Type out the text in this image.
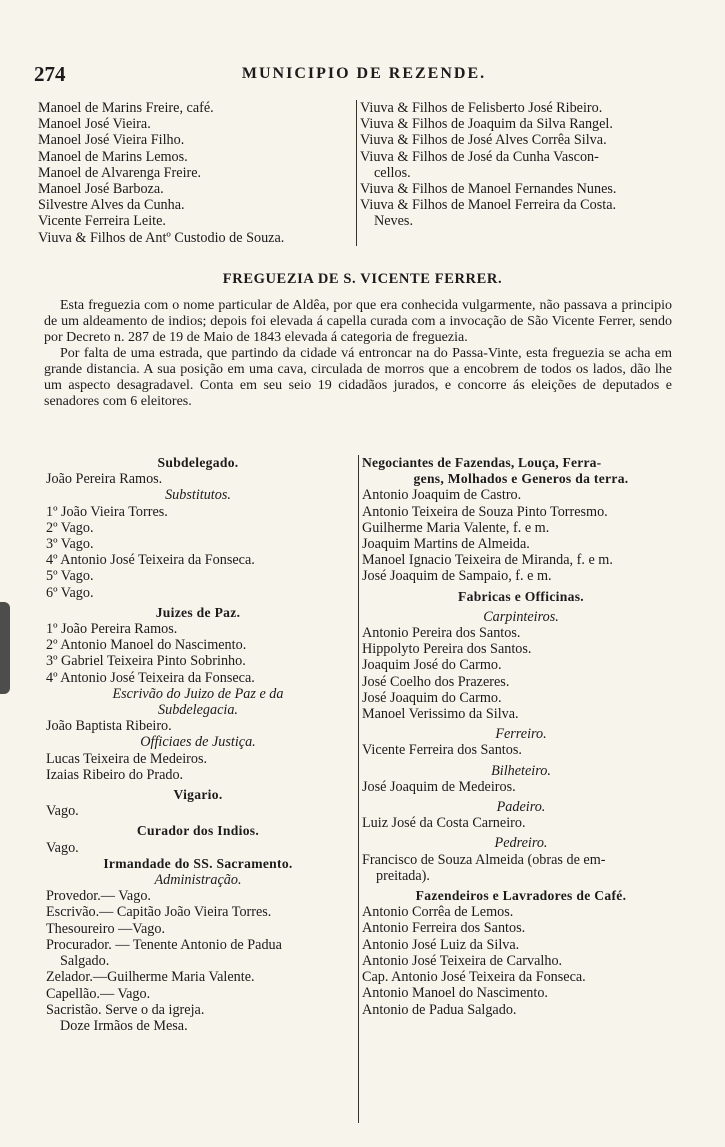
274	MUNICIPIO DE REZENDE.
Manoel de Marins Freire, café.
Manoel José Vieira.
Manoel José Vieira Filho.
Manoel de Marins Lemos.
Manoel de Alvarenga Freire.
Manoel José Barboza.
Silvestre Alves da Cunha.
Vicente Ferreira Leite.
Viuva & Filhos de Antº Custodio de Souza.
Viuva & Filhos de Felisberto José Ribeiro.
Viuva & Filhos de Joaquim da Silva Rangel.
Viuva & Filhos de José Alves Corrêa Silva.
Viuva & Filhos de José da Cunha Vascon-
cellos.
Viuva & Filhos de Manoel Fernandes Nunes.
Viuva & Filhos de Manoel Ferreira da Costa.
Neves.
FREGUEZIA DE S. VICENTE FERRER.

Esta freguezia com o nome particular de Aldêa, por que era conhecida vulgarmente, não passava a principio de um aldeamento de indios; depois foi elevada á capella curada com a invocação de São Vicente Ferrer, sendo por Decreto n. 287 de 19 de Maio de 1843 elevada á categoria de freguezia.

Por falta de uma estrada, que partindo da cidade vá entroncar na do Passa-Vinte, esta freguezia se acha em grande distancia. A sua posição em uma cava, circulada de morros que a encobrem de todos os lados, dão lhe um aspecto desagradavel. Conta em seu seio 19 cidadãos jurados, e concorre ás eleições de deputados e senadores com 6 eleitores.

Subdelegado.
João Pereira Ramos.
Substitutos.
1º João Vieira Torres.
2º Vago.
3º Vago.
4º Antonio José Teixeira da Fonseca.
5º Vago.
6º Vago.
Juizes de Paz.
1º João Pereira Ramos.
2º Antonio Manoel do Nascimento.
3º Gabriel Teixeira Pinto Sobrinho.
4º Antonio José Teixeira da Fonseca.
Escrivão do Juizo de Paz e da
Subdelegacia.
João Baptista Ribeiro.
Officiaes de Justiça.
Lucas Teixeira de Medeiros.
Izaias Ribeiro do Prado.
Vigario.
Vago.
Curador dos Indios.
Vago.
Irmandade do SS. Sacramento.
Administração.
Provedor.— Vago.
Escrivão.— Capitão João Vieira Torres.
Thesoureiro —Vago.
Procurador. — Tenente Antonio de Padua
Salgado.
Zelador.—Guilherme Maria Valente.
Capellão.— Vago.
Sacristão. Serve o da igreja.
Doze Irmãos de Mesa.
Negociantes de Fazendas, Louça, Ferra-
gens, Molhados e Generos da terra.
Antonio Joaquim de Castro.
Antonio Teixeira de Souza Pinto Torresmo.
Guilherme Maria Valente, f. e m.
Joaquim Martins de Almeida.
Manoel Ignacio Teixeira de Miranda, f. e m.
José Joaquim de Sampaio, f. e m.
Fabricas e Officinas.
Carpinteiros.
Antonio Pereira dos Santos.
Hippolyto Pereira dos Santos.
Joaquim José do Carmo.
José Coelho dos Prazeres.
José Joaquim do Carmo.
Manoel Verissimo da Silva.
Ferreiro.
Vicente Ferreira dos Santos.
Bilheteiro.
José Joaquim de Medeiros.
Padeiro.
Luiz José da Costa Carneiro.
Pedreiro.
Francisco de Souza Almeida (obras de em-
preitada).
Fazendeiros e Lavradores de Café.
Antonio Corrêa de Lemos.
Antonio Ferreira dos Santos.
Antonio José Luiz da Silva.
Antonio José Teixeira de Carvalho.
Cap. Antonio José Teixeira da Fonseca.
Antonio Manoel do Nascimento.
Antonio de Padua Salgado.
